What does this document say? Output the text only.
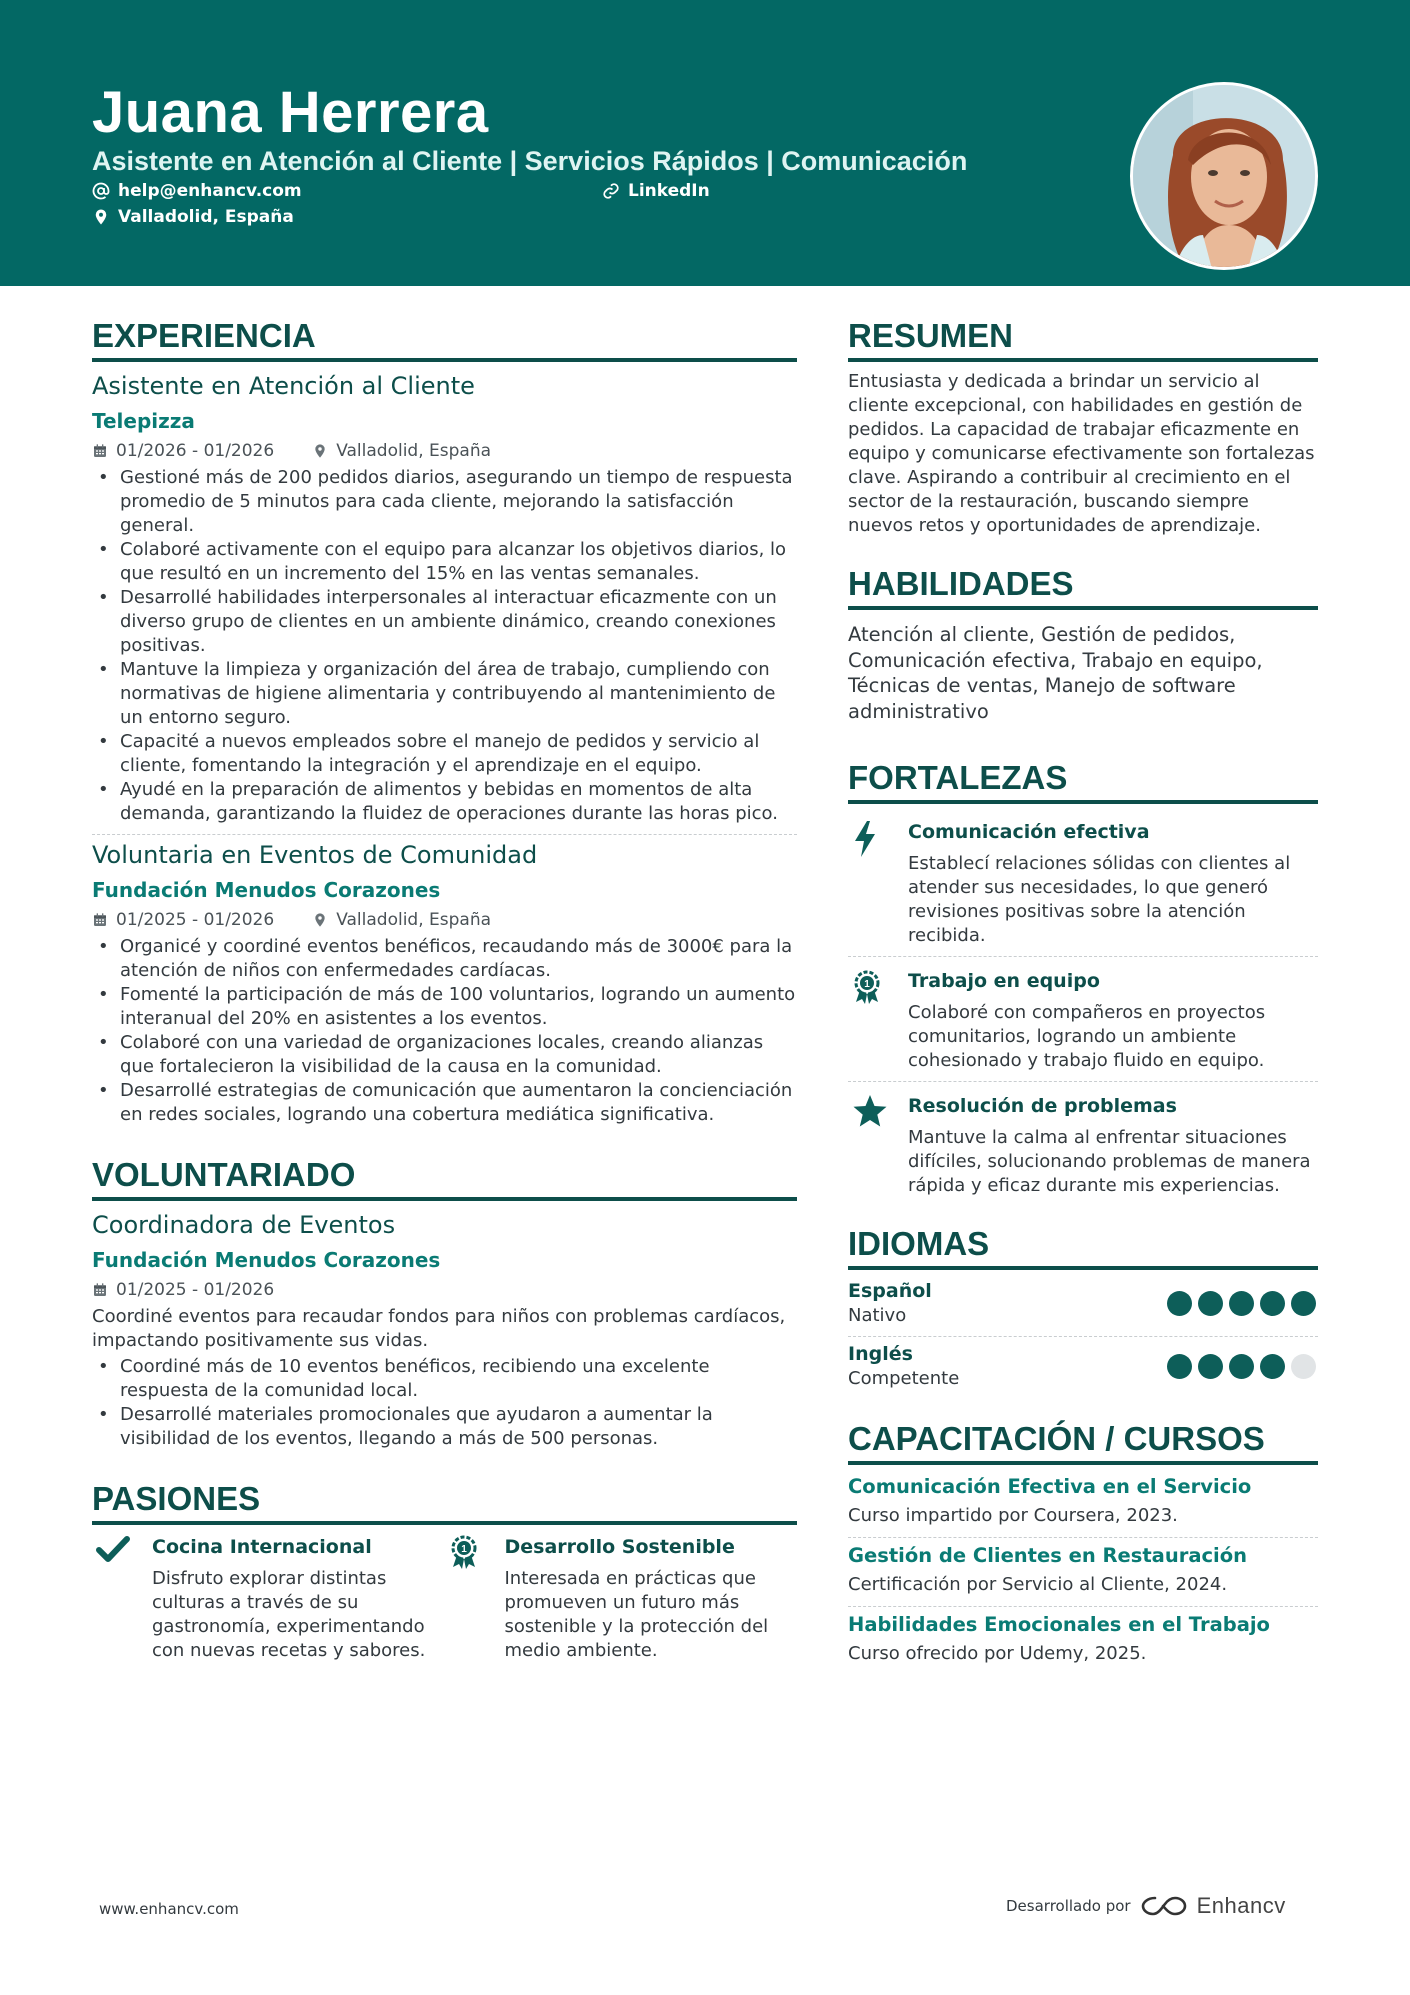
Juana Herrera
Asistente en Atención al Cliente | Servicios Rápidos | Comunicación
help@enhancv.com	LinkedIn
Valladolid, España
EXPERIENCIA
Asistente en Atención al Cliente
Telepizza
01/2026 - 01/2026	Valladolid, España
• Gestioné más de 200 pedidos diarios, asegurando un tiempo de respuesta promedio de 5 minutos para cada cliente, mejorando la satisfacción general.
• Colaboré activamente con el equipo para alcanzar los objetivos diarios, lo que resultó en un incremento del 15% en las ventas semanales.
• Desarrollé habilidades interpersonales al interactuar eficazmente con un diverso grupo de clientes en un ambiente dinámico, creando conexiones positivas.
• Mantuve la limpieza y organización del área de trabajo, cumpliendo con normativas de higiene alimentaria y contribuyendo al mantenimiento de un entorno seguro.
• Capacité a nuevos empleados sobre el manejo de pedidos y servicio al cliente, fomentando la integración y el aprendizaje en el equipo.
• Ayudé en la preparación de alimentos y bebidas en momentos de alta demanda, garantizando la fluidez de operaciones durante las horas pico.
Voluntaria en Eventos de Comunidad
Fundación Menudos Corazones
01/2025 - 01/2026	Valladolid, España
• Organicé y coordiné eventos benéficos, recaudando más de 3000€ para la atención de niños con enfermedades cardíacas.
• Fomenté la participación de más de 100 voluntarios, logrando un aumento interanual del 20% en asistentes a los eventos.
• Colaboré con una variedad de organizaciones locales, creando alianzas que fortalecieron la visibilidad de la causa en la comunidad.
• Desarrollé estrategias de comunicación que aumentaron la concienciación en redes sociales, logrando una cobertura mediática significativa.
VOLUNTARIADO
Coordinadora de Eventos
Fundación Menudos Corazones
01/2025 - 01/2026
Coordiné eventos para recaudar fondos para niños con problemas cardíacos, impactando positivamente sus vidas.
• Coordiné más de 10 eventos benéficos, recibiendo una excelente respuesta de la comunidad local.
• Desarrollé materiales promocionales que ayudaron a aumentar la visibilidad de los eventos, llegando a más de 500 personas.
PASIONES
Cocina Internacional
Disfruto explorar distintas culturas a través de su gastronomía, experimentando con nuevas recetas y sabores.
1 Desarrollo Sostenible
Interesada en prácticas que promueven un futuro más sostenible y la protección del medio ambiente.
RESUMEN
Entusiasta y dedicada a brindar un servicio al cliente excepcional, con habilidades en gestión de pedidos. La capacidad de trabajar eficazmente en equipo y comunicarse efectivamente son fortalezas clave. Aspirando a contribuir al crecimiento en el sector de la restauración, buscando siempre nuevos retos y oportunidades de aprendizaje.
HABILIDADES
Atención al cliente, Gestión de pedidos, Comunicación efectiva, Trabajo en equipo, Técnicas de ventas, Manejo de software administrativo
FORTALEZAS
Comunicación efectiva
Establecí relaciones sólidas con clientes al atender sus necesidades, lo que generó revisiones positivas sobre la atención recibida.
1 Trabajo en equipo
Colaboré con compañeros en proyectos comunitarios, logrando un ambiente cohesionado y trabajo fluido en equipo.
Resolución de problemas
Mantuve la calma al enfrentar situaciones difíciles, solucionando problemas de manera rápida y eficaz durante mis experiencias.
IDIOMAS
Español
Nativo
Inglés
Competente
CAPACITACIÓN / CURSOS
Comunicación Efectiva en el Servicio
Curso impartido por Coursera, 2023.
Gestión de Clientes en Restauración
Certificación por Servicio al Cliente, 2024.
Habilidades Emocionales en el Trabajo
Curso ofrecido por Udemy, 2025.
www.enhancv.com	Desarrollado por	Enhancv
